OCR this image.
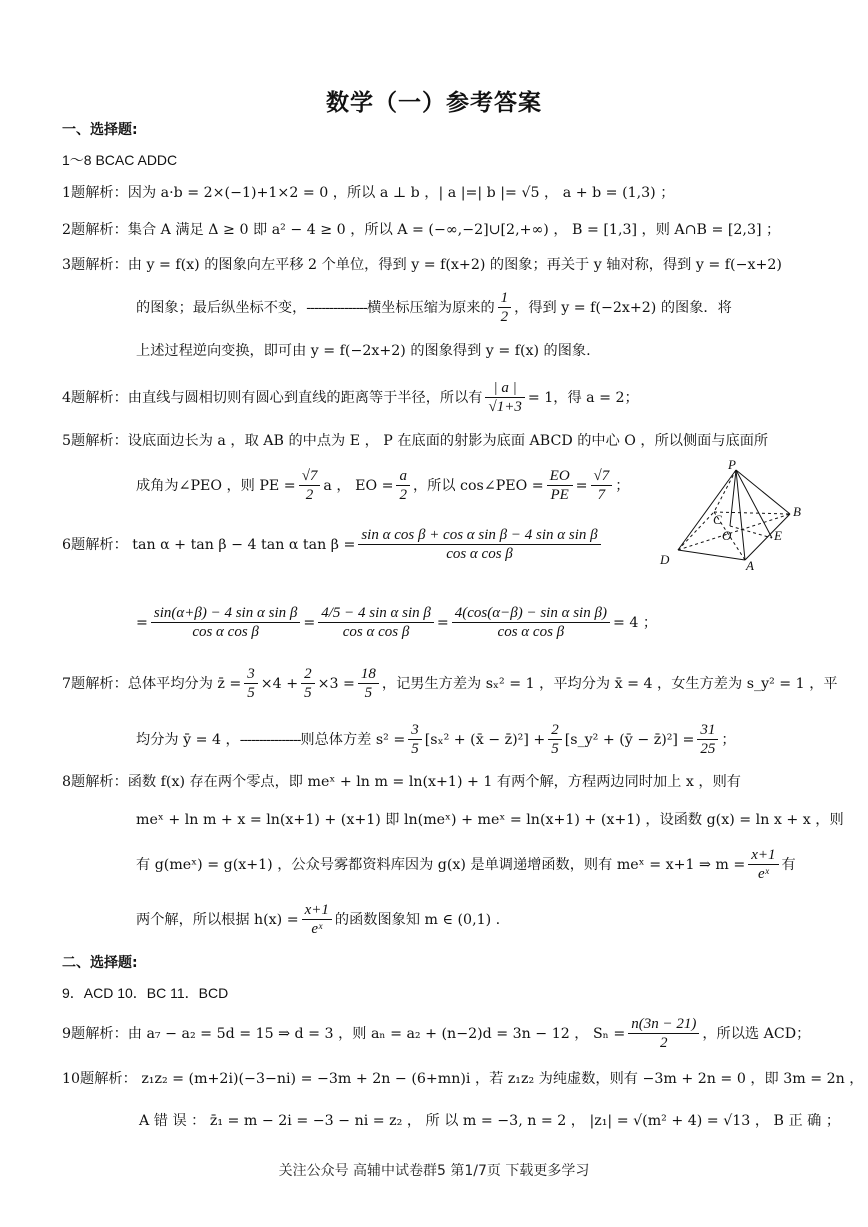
数学（一）参考答案
一、选择题:
1～8 BCAC ADDC
1题解析：因为 a·b = 2×(−1)+1×2 = 0 ，所以 a ⊥ b ，| a |=| b |= √5 ， a + b = (1,3) ；
2题解析：集合 A 满足 Δ ≥ 0 即 a² − 4 ≥ 0 ，所以 A = (−∞,−2]∪[2,+∞) ， B = [1,3] ，则 A∩B = [2,3] ；
3题解析：由 y = f(x) 的图象向左平移 2 个单位，得到 y = f(x+2) 的图象；再关于 y 轴对称，得到 y = f(−x+2)
的图象；最后纵坐标不变，----------------横坐标压缩为原来的 $\frac{1}{2}$ ，得到 y = f(−2x+2) 的图象．将
上述过程逆向变换，即可由 y = f(−2x+2) 的图象得到 y = f(x) 的图象.
4题解析：由直线与圆相切则有圆心到直线的距离等于半径，所以有 $\frac{| a |}{√1+3} = 1$，得 a = 2；
5题解析：设底面边长为 a ，取 AB 的中点为 E ， P 在底面的射影为底面 ABCD 的中心 O ，所以侧面与底面所
成角为∠PEO ，则 PE = $\frac{√7}{2}$ a ， EO = $\frac{a}{2}$ ，所以 cos∠PEO = $\frac{EO}{PE} = \frac{√7}{7}$ ；
P
B
C
O	E
D	A
6题解析： tan α + tan β − 4 tan α $\tan \beta = \frac{\text{sin α cos β + cos α sin β − 4 sin α sin β}}{\text{cos α cos β}}$
= $\frac{\text{sin(α+β) − 4 sin α sin β}}{\text{cos α cos β}} = \frac{\text{4/5 − 4 sin α sin β}}{\text{cos α cos β}} = \frac{\text{4(cos(α−β) − sin α sin β)}}{\text{cos α cos β}} = 4$ ；
7题解析：总体平均分为 z̄ = $\frac{3}{5} \times 4 + \frac{2}{5} \times 3 = \frac{18}{5}$ ，记男生方差为 sₓ² = 1 ，平均分为 x̄ = 4 ，女生方差为 s_y² = 1 ，平
均分为 ȳ = 4 ，----------------则总体方差 $s^2 = \frac{3}{5} [s_x^2$ + (x̄ − z̄)²] + $\frac{2}{5}$ [s_y² + (ȳ − z̄)²] = $\frac{31}{25}$ ；
8题解析：函数 f(x) 存在两个零点，即 meˣ + ln m = ln(x+1) + 1 有两个解，方程两边同时加上 x ，则有
meˣ + ln m + x = ln(x+1) + (x+1) 即 ln(meˣ) + meˣ = ln(x+1) + (x+1) ，设函数 g(x) = ln x + x ，则
有 g(meˣ) = g(x+1) ，公众号雾都资料库因为 g(x) 是单调递增函数，则有 meˣ = x+1 ⇒ $m = \frac{x+1}{\text{eˣ}}$ 有
两个解，所以根据 $h(x) = \frac{x+1}{\text{eˣ}}$ 的函数图象知 m ∈ (0,1) .
二、选择题:
9．ACD 10．BC 11．BCD
9题解析：由 a₇ − a₂ = 5d = 15 ⇒ d = 3 ，则 aₙ = a₂ + (n−2)d = 3n − 12 ， $S_n = \frac{n(3n - 21)}{2}$ ，所以选 ACD；
10题解析： z₁z₂ = (m+2i)(−3−ni) = −3m + 2n − (6+mn)i ，若 z₁z₂ 为纯虚数，则有 −3m + 2n = 0 ，即 3m = 2n ，
A 错 误 ： z̄₁ = m − 2i = −3 − ni = z₂ ， 所 以 m = −3, n = 2 ， |z₁| = √(m² + 4) = √13 ， B 正 确 ；
关注公众号 高辅中试卷群5 第1/7页 下载更多学习
